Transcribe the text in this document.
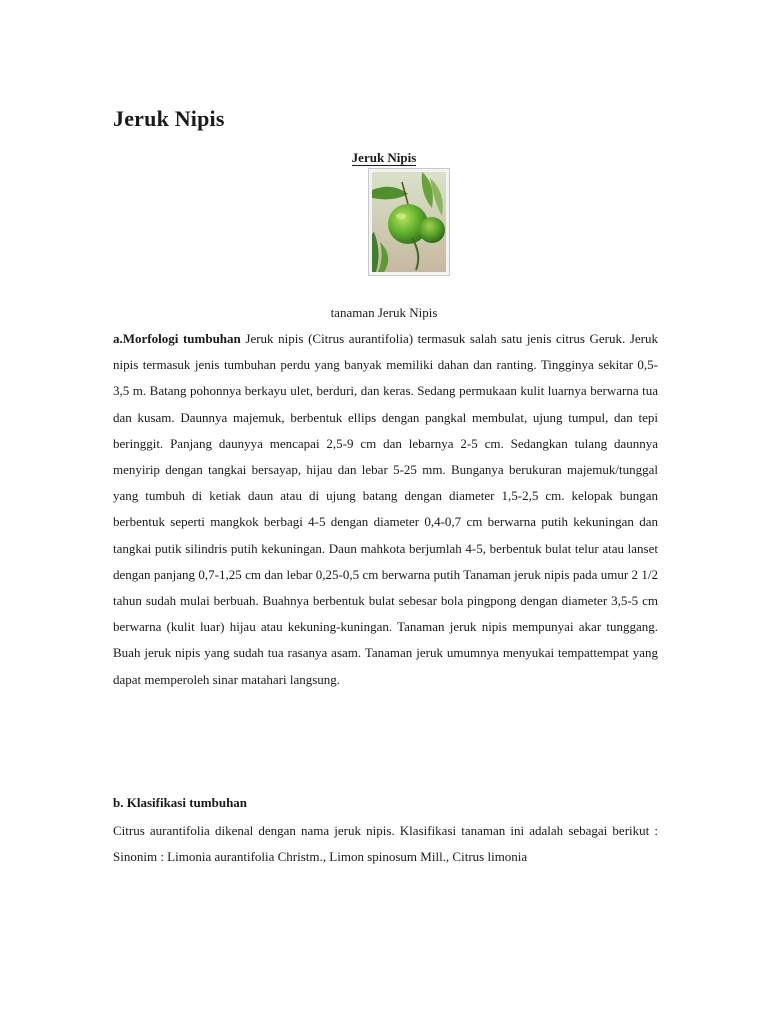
Jeruk Nipis

Jeruk Nipis

tanaman Jeruk Nipis

a.Morfologi tumbuhan Jeruk nipis (Citrus aurantifolia) termasuk salah satu jenis citrus Geruk. Jeruk nipis termasuk jenis tumbuhan perdu yang banyak memiliki dahan dan ranting. Tingginya sekitar 0,5-3,5 m. Batang pohonnya berkayu ulet, berduri, dan keras. Sedang permukaan kulit luarnya berwarna tua dan kusam. Daunnya majemuk, berbentuk ellips dengan pangkal membulat, ujung tumpul, dan tepi beringgit. Panjang daunyya mencapai 2,5-9 cm dan lebarnya 2-5 cm. Sedangkan tulang daunnya menyirip dengan tangkai bersayap, hijau dan lebar 5-25 mm. Bunganya berukuran majemuk/tunggal yang tumbuh di ketiak daun atau di ujung batang dengan diameter 1,5-2,5 cm. kelopak bungan berbentuk seperti mangkok berbagi 4-5 dengan diameter 0,4-0,7 cm berwarna putih kekuningan dan tangkai putik silindris putih kekuningan. Daun mahkota berjumlah 4-5, berbentuk bulat telur atau lanset dengan panjang 0,7-1,25 cm dan lebar 0,25-0,5 cm berwarna putih Tanaman jeruk nipis pada umur 2 1/2 tahun sudah mulai berbuah. Buahnya berbentuk bulat sebesar bola pingpong dengan diameter 3,5-5 cm berwarna (kulit luar) hijau atau kekuning-kuningan. Tanaman jeruk nipis mempunyai akar tunggang. Buah jeruk nipis yang sudah tua rasanya asam. Tanaman jeruk umumnya menyukai tempattempat yang dapat memperoleh sinar matahari langsung.

b. Klasifikasi tumbuhan

Citrus aurantifolia dikenal dengan nama jeruk nipis. Klasifikasi tanaman ini adalah sebagai berikut : Sinonim : Limonia aurantifolia Christm., Limon spinosum Mill., Citrus limonia
